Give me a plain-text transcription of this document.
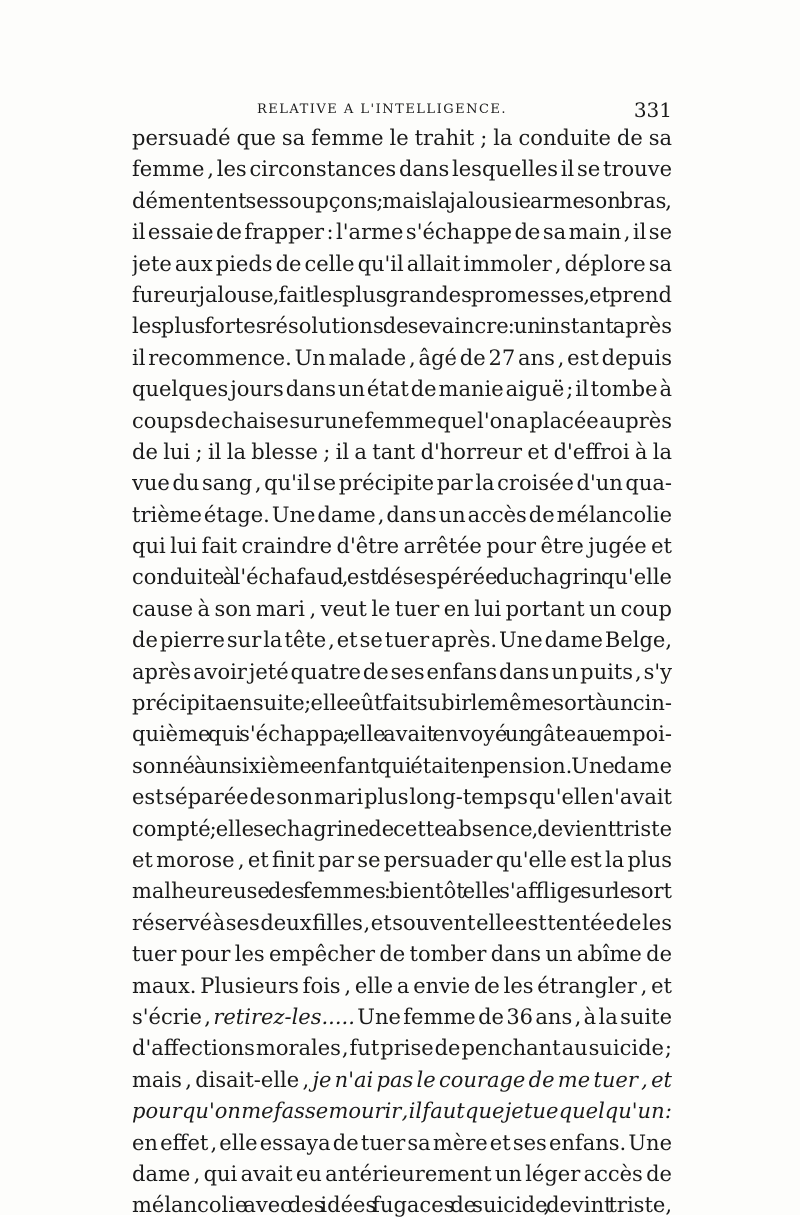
RELATIVE A L'INTELLIGENCE.	331
persuadé que sa femme le trahit ; la conduite de sa
femme , les circonstances dans lesquelles il se trouve
démentent ses soupçons ; mais la jalousie arme son bras ,
il essaie de frapper : l'arme s'échappe de sa main , il se
jete aux pieds de celle qu'il allait immoler , déplore sa
fureur jalouse , fait les plus grandes promesses , et prend
les plus fortes résolutions de se vaincre : un instant après
il recommence. Un malade , âgé de 27 ans , est depuis
quelques jours dans un état de manie aiguë ; il tombe à
coups de chaise sur une femme que l'on a placée auprès
de lui ; il la blesse ; il a tant d'horreur et d'effroi à la
vue du sang , qu'il se précipite par la croisée d'un qua-
trième étage. Une dame , dans un accès de mélancolie
qui lui fait craindre d'être arrêtée pour être jugée et
conduite à l'échafaud , est désespérée du chagrin qu'elle
cause à son mari , veut le tuer en lui portant un coup
de pierre sur la tête , et se tuer après. Une dame Belge,
après avoir jeté quatre de ses enfans dans un puits , s'y
précipita ensuite ; elle eût fait subir le même sort à un cin-
quième qui s'échappa ; elle avait envoyé un gâteau empoi-
sonné à un sixième enfant qui était en pension. Une dame
est séparée de son mari plus long-temps qu'elle n'avait
compté ; elle se chagrine de cette absence , devient triste
et morose , et finit par se persuader qu'elle est la plus
malheureuse des femmes : bientôt elle s'afflige sur le sort
réservé à ses deux filles , et souvent elle est tentée de les
tuer pour les empêcher de tomber dans un abîme de
maux. Plusieurs fois , elle a envie de les étrangler , et
s'écrie , retirez-les..... Une femme de 36 ans , à la suite
d'affections morales , fut prise de penchant au suicide ;
mais , disait-elle , je n'ai pas le courage de me tuer , et
pour qu'on me fasse mourir , il faut que je tue quelqu'un :
en effet , elle essaya de tuer sa mère et ses enfans. Une
dame , qui avait eu antérieurement un léger accès de
mélancolie avec des idées fugaces de suicide , devint triste,
